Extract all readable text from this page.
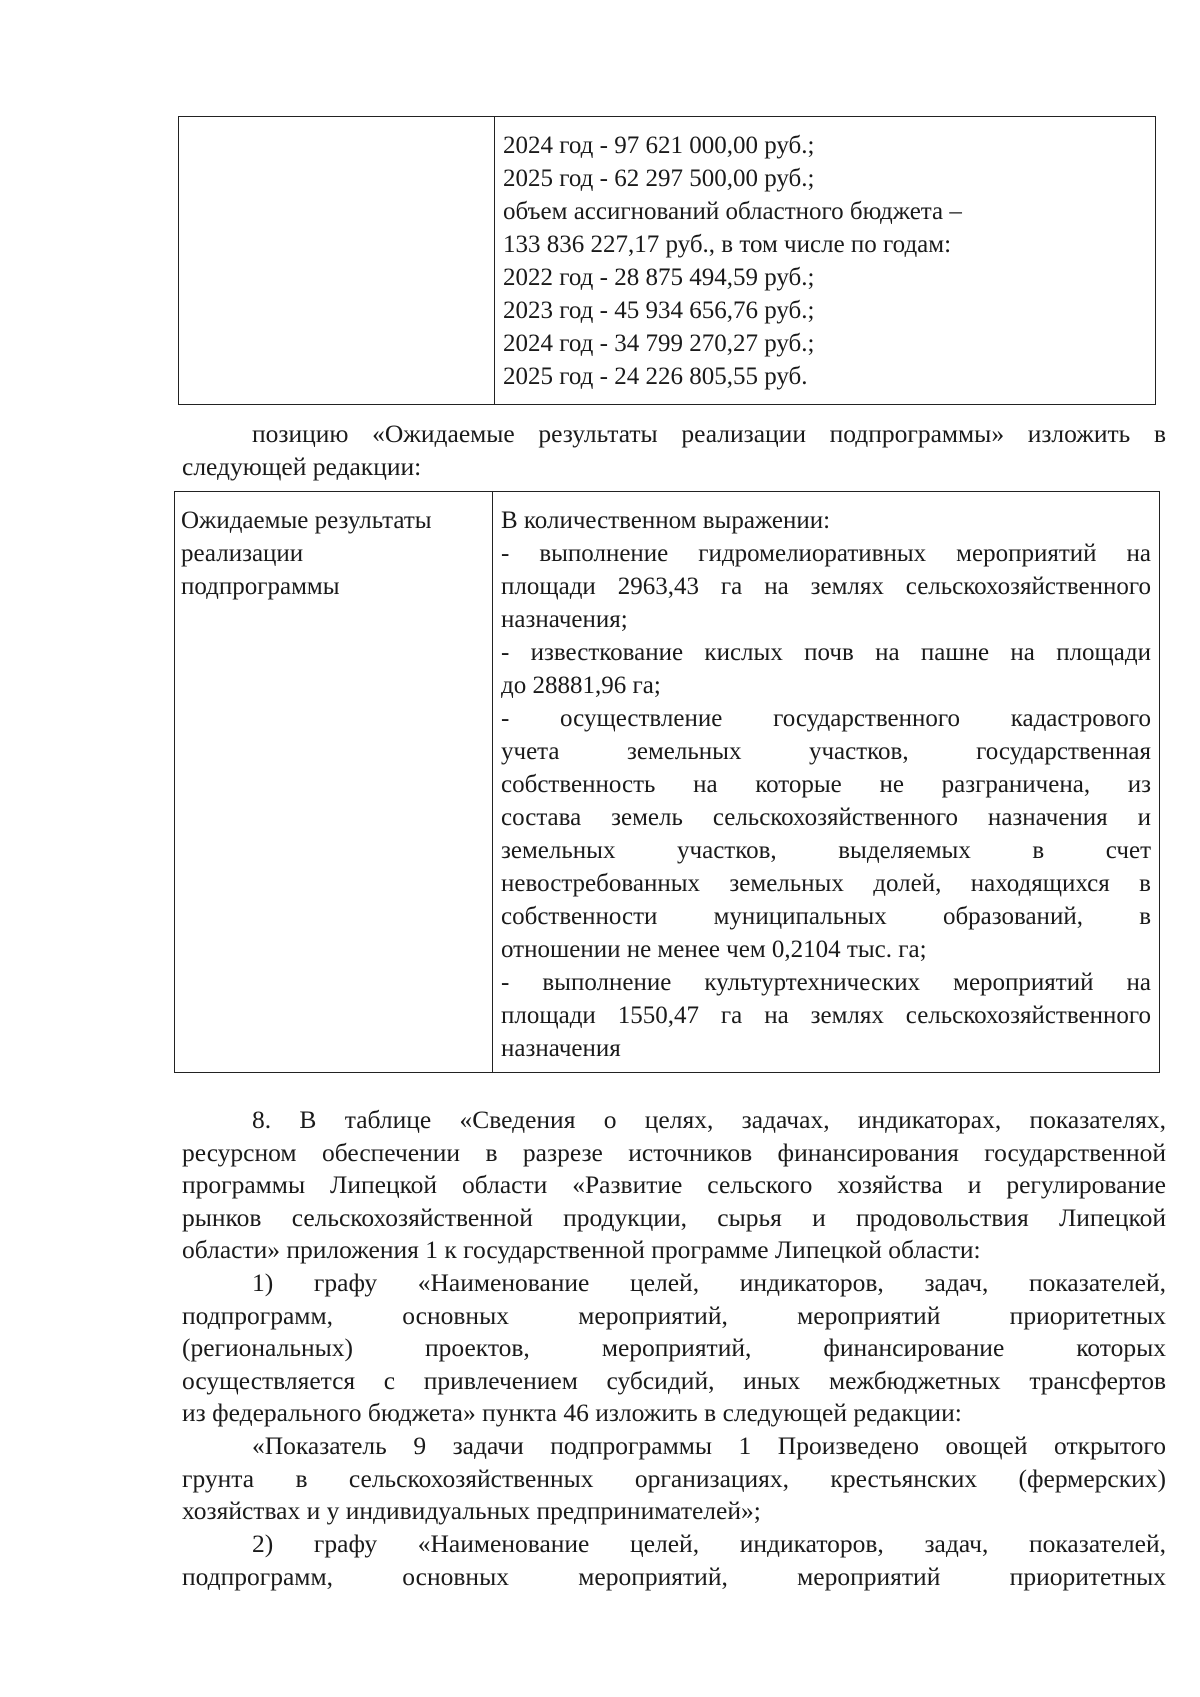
2024 год - 97 621 000,00 руб.;
2025 год - 62 297 500,00 руб.;
объем ассигнований областного бюджета –
133 836 227,17 руб., в том числе по годам:
2022 год - 28 875 494,59 руб.;
2023 год - 45 934 656,76 руб.;
2024 год - 34 799 270,27 руб.;
2025 год - 24 226 805,55 руб.
позицию «Ожидаемые результаты реализации подпрограммы» изложить в
следующей редакции:
Ожидаемые результаты
реализации
подпрограммы
В количественном выражении:
- выполнение гидромелиоративных мероприятий на
площади 2963,43 га на землях сельскохозяйственного
назначения;
- известкование кислых почв на пашне на площади
до 28881,96 га;
- осуществление государственного кадастрового
учета земельных участков, государственная
собственность на которые не разграничена, из
состава земель сельскохозяйственного назначения и
земельных участков, выделяемых в счет
невостребованных земельных долей, находящихся в
собственности муниципальных образований, в
отношении не менее чем 0,2104 тыс. га;
- выполнение культуртехнических мероприятий на
площади 1550,47 га на землях сельскохозяйственного
назначения
8. В таблице «Сведения о целях, задачах, индикаторах, показателях,
ресурсном обеспечении в разрезе источников финансирования государственной
программы Липецкой области «Развитие сельского хозяйства и регулирование
рынков сельскохозяйственной продукции, сырья и продовольствия Липецкой
области» приложения 1 к государственной программе Липецкой области:
1) графу «Наименование целей, индикаторов, задач, показателей,
подпрограмм, основных мероприятий, мероприятий приоритетных
(региональных) проектов, мероприятий, финансирование которых
осуществляется с привлечением субсидий, иных межбюджетных трансфертов
из федерального бюджета» пункта 46 изложить в следующей редакции:
«Показатель 9 задачи подпрограммы 1 Произведено овощей открытого
грунта в сельскохозяйственных организациях, крестьянских (фермерских)
хозяйствах и у индивидуальных предпринимателей»;
2) графу «Наименование целей, индикаторов, задач, показателей,
подпрограмм, основных мероприятий, мероприятий приоритетных
